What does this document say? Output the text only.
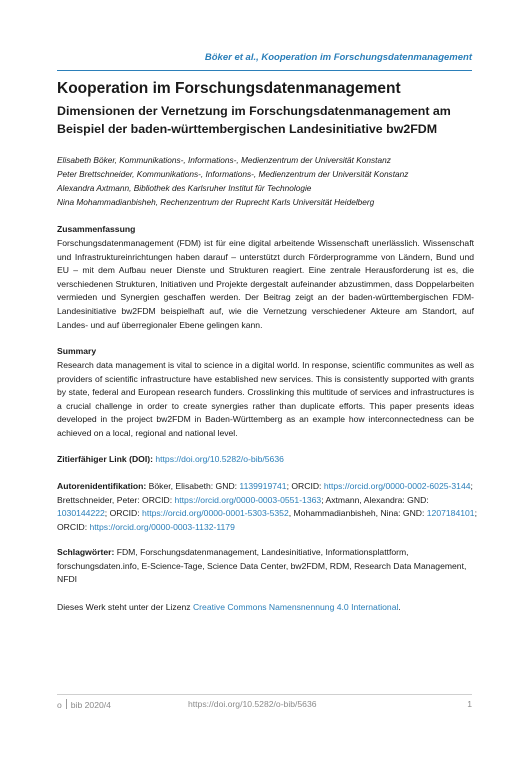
Böker et al., Kooperation im Forschungsdatenmanagement
Kooperation im Forschungsdatenmanagement
Dimensionen der Vernetzung im Forschungsdatenmanagement am Beispiel der baden-württembergischen Landesinitiative bw2FDM
Elisabeth Böker, Kommunikations-, Informations-, Medienzentrum der Universität Konstanz
Peter Brettschneider, Kommunikations-, Informations-, Medienzentrum der Universität Konstanz
Alexandra Axtmann, Bibliothek des Karlsruher Institut für Technologie
Nina Mohammadianbisheh, Rechenzentrum der Ruprecht Karls Universität Heidelberg
Zusammenfassung

Forschungsdatenmanagement (FDM) ist für eine digital arbeitende Wissenschaft unerlässlich. Wissenschaft und Infrastruktureinrichtungen haben darauf – unterstützt durch Förderprogramme von Ländern, Bund und EU – mit dem Aufbau neuer Dienste und Strukturen reagiert. Eine zentrale Herausforderung ist es, die verschiedenen Strukturen, Initiativen und Projekte dergestalt aufeinander abzustimmen, dass Doppelarbeiten vermieden und Synergien geschaffen werden. Der Beitrag zeigt an der baden-württembergischen FDM-Landesinitiative bw2FDM beispielhaft auf, wie die Vernetzung verschiedener Akteure am Standort, auf Landes- und auf überregionaler Ebene gelingen kann.

Summary

Research data management is vital to science in a digital world. In response, scientific communites as well as providers of scientific infrastructure have established new services. This is consistently supported with grants by state, federal and European research funders. Crosslinking this multitude of services and infrastructures is a crucial challenge in order to create synergies rather than duplicate efforts. This paper presents ideas developed in the project bw2FDM in Baden-Württemberg as an example how interconnectedness can be achieved on a local, regional and national level.

Zitierfähiger Link (DOI): https://doi.org/10.5282/o-bib/5636

Autorenidentifikation: Böker, Elisabeth: GND: 1139919741; ORCID: https://orcid.org/0000-0002-6025-3144; Brettschneider, Peter: ORCID: https://orcid.org/0000-0003-0551-1363; Axtmann, Alexandra: GND: 1030144222; ORCID: https://orcid.org/0000-0001-5303-5352, Mohammadianbisheh, Nina: GND: 1207184101; ORCID: https://orcid.org/0000-0003-1132-1179

Schlagwörter: FDM, Forschungsdatenmanagement, Landesinitiative, Informationsplattform, forschungsdaten.info, E-Science-Tage, Science Data Center, bw2FDM, RDM, Research Data Management, NFDI

Dieses Werk steht unter der Lizenz Creative Commons Namensnennung 4.0 International.

o bib 2020/4	https://doi.org/10.5282/o-bib/5636	1
